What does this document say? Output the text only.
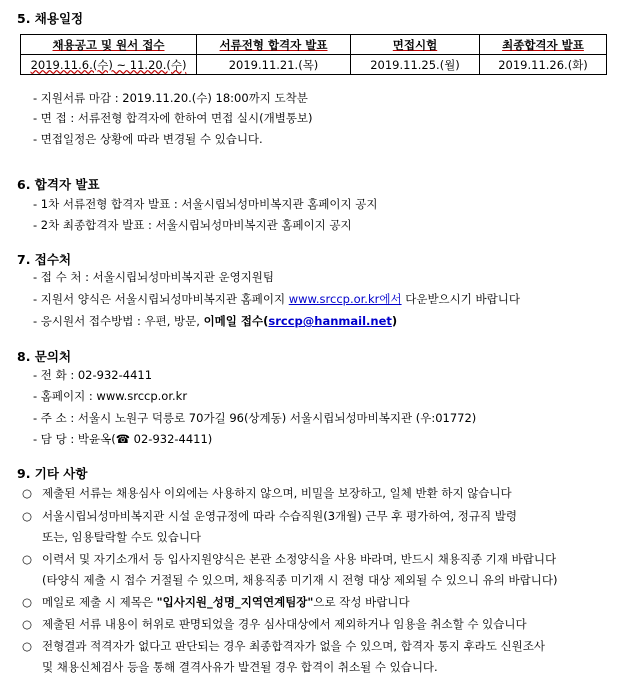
5. 채용일정
채용공고 및 원서 접수	서류전형 합격자 발표	면접시험	최종합격자 발표
2019.11.6.(수) ~ 11.20.(수)	2019.11.21.(목)	2019.11.25.(월)	2019.11.26.(화)
- 지원서류 마감 : 2019.11.20.(수) 18:00까지 도착분
- 면 접 : 서류전형 합격자에 한하여 면접 실시(개별통보)
- 면접일정은 상황에 따라 변경될 수 있습니다.
6. 합격자 발표
- 1차 서류전형 합격자 발표 : 서울시립뇌성마비복지관 홈페이지 공지
- 2차 최종합격자 발표 : 서울시립뇌성마비복지관 홈페이지 공지
7. 접수처
- 접 수 처 : 서울시립뇌성마비복지관 운영지원팀
- 지원서 양식은 서울시립뇌성마비복지관 홈페이지 www.srccp.or.kr에서 다운받으시기 바랍니다
- 응시원서 접수방법 : 우편, 방문, 이메일 접수(srccp@hanmail.net)
8. 문의처
- 전 화 : 02-932-4411
- 홈페이지 : www.srccp.or.kr
- 주 소 : 서울시 노원구 덕릉로 70가길 96(상계동) 서울시립뇌성마비복지관 (우:01772)
- 담 당 : 박윤옥(☎ 02-932-4411)
9. 기타 사항
○ 제출된 서류는 채용심사 이외에는 사용하지 않으며, 비밀을 보장하고, 일체 반환 하지 않습니다
○ 서울시립뇌성마비복지관 시설 운영규정에 따라 수습직원(3개월) 근무 후 평가하여, 정규직 발령
또는, 임용탈락할 수도 있습니다
○ 이력서 및 자기소개서 등 입사지원양식은 본관 소정양식을 사용 바라며, 반드시 채용직종 기재 바랍니다
(타양식 제출 시 접수 거절될 수 있으며, 채용직종 미기재 시 전형 대상 제외될 수 있으니 유의 바랍니다)
○ 메일로 제출 시 제목은 "입사지원_성명_지역연계팀장"으로 작성 바랍니다
○ 제출된 서류 내용이 허위로 판명되었을 경우 심사대상에서 제외하거나 임용을 취소할 수 있습니다
○ 전형결과 적격자가 없다고 판단되는 경우 최종합격자가 없을 수 있으며, 합격자 통지 후라도 신원조사
및 채용신체검사 등을 통해 결격사유가 발견될 경우 합격이 취소될 수 있습니다.
